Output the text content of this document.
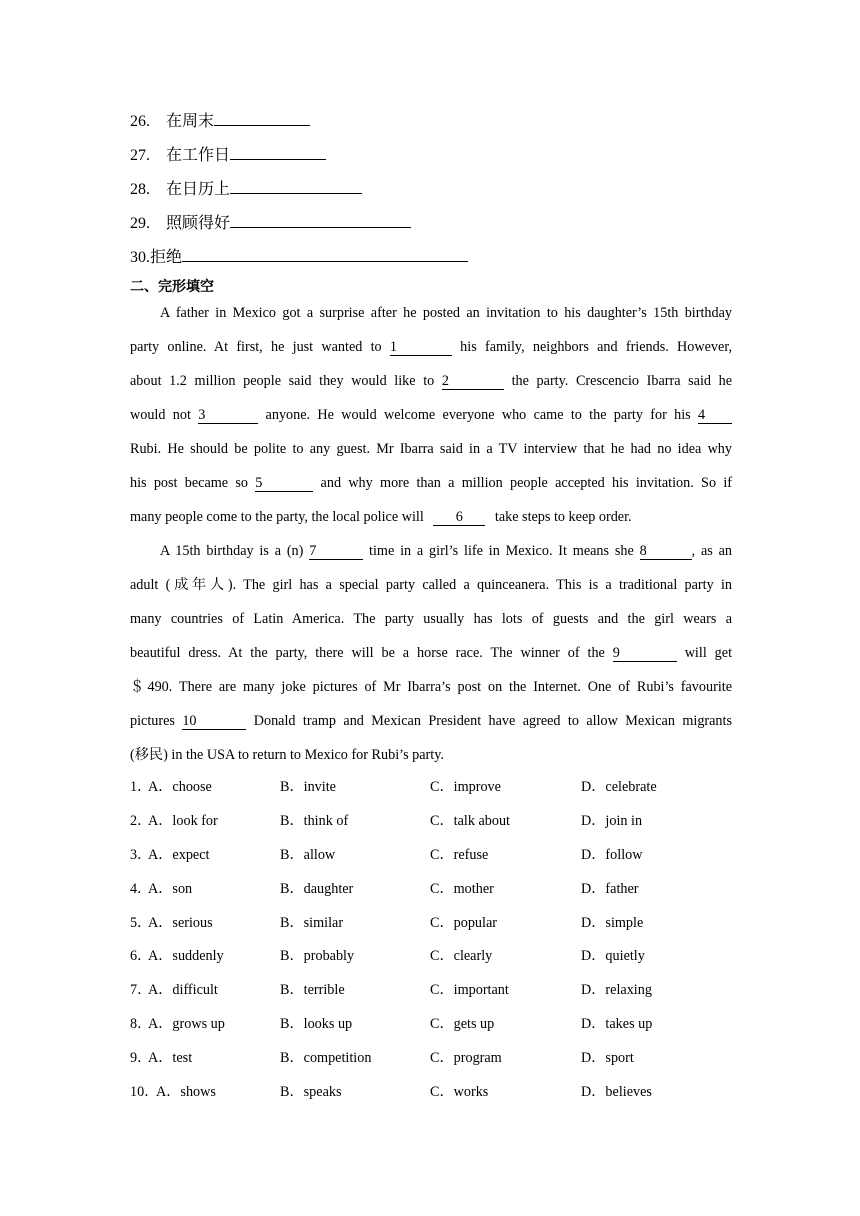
26. 在周末
27. 在工作日
28. 在日历上
29. 照顾得好
30.拒绝
二、完形填空
A father in Mexico got a surprise after he posted an invitation to his daughter’s 15th birthday
party online. At first, he just wanted to 1	his family, neighbors and friends. However,
about 1.2 million people said they would like to 2	the party. Crescencio Ibarra said he
would not 3	anyone. He would welcome everyone who came to the party for his 4
Rubi. He should be polite to any guest. Mr Ibarra said in a TV interview that he had no idea why
his post became so 5	and why more than a million people accepted his invitation. So if
many people come to the party, the local police will 6 take steps to keep order.
A 15th birthday is a (n) 7	time in a girl’s life in Mexico. It means she 8	, as an
adult (成年人). The girl has a special party called a quinceanera. This is a traditional party in
many countries of Latin America. The party usually has lots of guests and the girl wears a
beautiful dress. At the party, there will be a horse race. The winner of the 9	will get
＄490. There are many joke pictures of Mr Ibarra’s post on the Internet. One of Rubi’s favourite
pictures 10	Donald tramp and Mexican President have agreed to allow Mexican migrants
(移民) in the USA to return to Mexico for Rubi’s party.
1．
A．choose	B．invite	C．improve	D．celebrate
2．
A．look for	B．think of	C．talk about	D．join in
3．
A．expect	B．allow	C．refuse	D．follow
4．
A．son	B．daughter	C．mother	D．father
5．
A．serious	B．similar	C．popular	D．simple
6．
A．suddenly	B．probably	C．clearly	D．quietly
7．
A．difficult	B．terrible	C．important	D．relaxing
8．
A．grows up	B．looks up	C．gets up	D．takes up
9．
A．test	B．competition	C．program	D．sport
10．
A．shows	B．speaks	C．works	D．believes
